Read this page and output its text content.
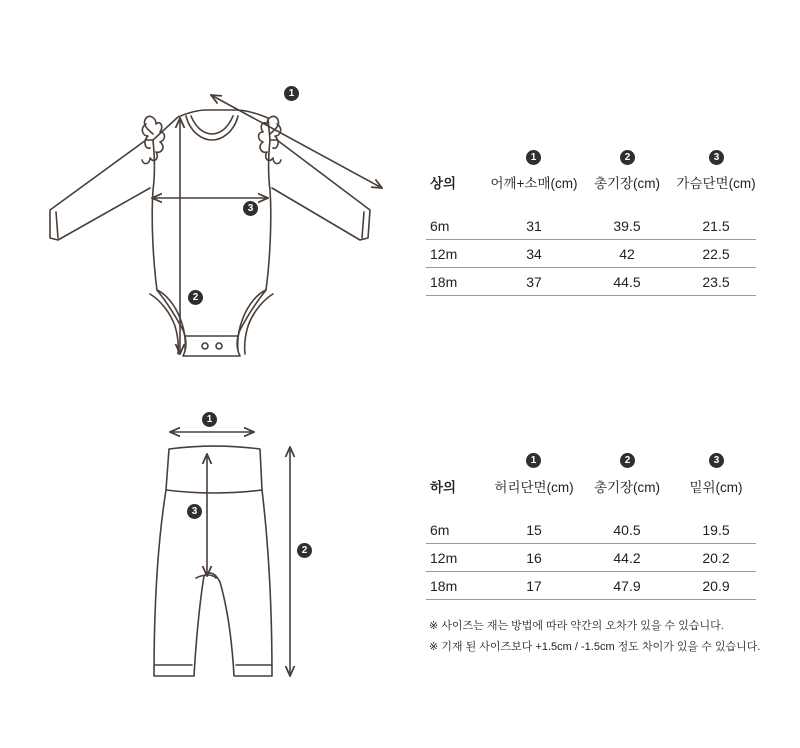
1
2
3
1
3
2
1	2	3
상의	어깨+소매(cm)	총기장(cm)	가슴단면(cm)
6m	31	39.5	21.5
12m	34	42	22.5
18m	37	44.5	23.5
1	2	3
하의	허리단면(cm)	총기장(cm)	밑위(cm)
6m	15	40.5	19.5
12m	16	44.2	20.2
18m	17	47.9	20.9
※ 사이즈는 재는 방법에 따라 약간의 오차가 있을 수 있습니다.
※ 기재 된 사이즈보다 +1.5cm / -1.5cm 정도 차이가 있을 수 있습니다.
